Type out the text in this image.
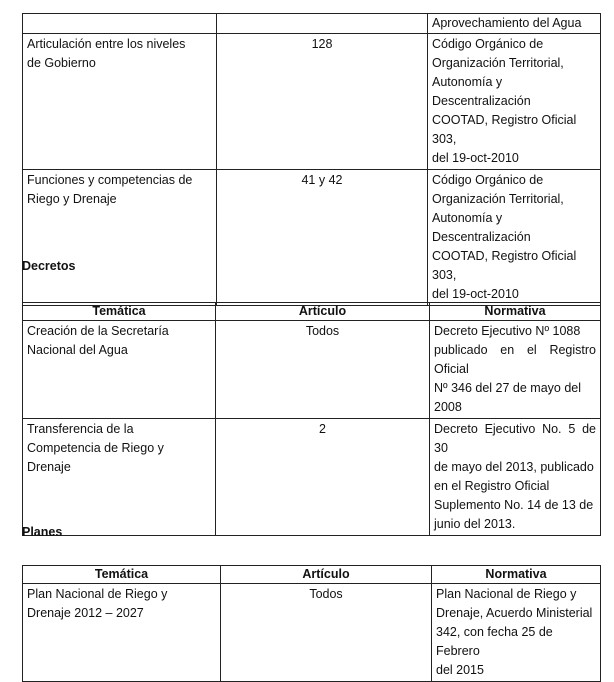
		Aprovechamiento del Agua

Articulación entre los niveles
de Gobierno	128	Código Orgánico de
Organización Territorial,
Autonomía y Descentralización
COOTAD, Registro Oficial 303,
del 19-oct-2010

Funciones y competencias de
Riego y Drenaje	41 y 42	Código Orgánico de
Organización Territorial,
Autonomía y Descentralización
COOTAD, Registro Oficial 303,
del 19-oct-2010
Decretos
Temática	Artículo	Normativa

Creación de la Secretaría
Nacional del Agua	Todos	Decreto Ejecutivo Nº 1088
publicado en el Registro Oficial
Nº 346 del 27 de mayo del
2008

Transferencia de la
Competencia de Riego y
Drenaje	2	Decreto Ejecutivo No. 5 de 30
de mayo del 2013, publicado
en el Registro Oficial
Suplemento No. 14 de 13 de
junio del 2013.
Planes
Temática	Artículo	Normativa

Plan Nacional de Riego y
Drenaje 2012 – 2027	Todos	Plan Nacional de Riego y
Drenaje, Acuerdo Ministerial
342, con fecha 25 de Febrero
del 2015
